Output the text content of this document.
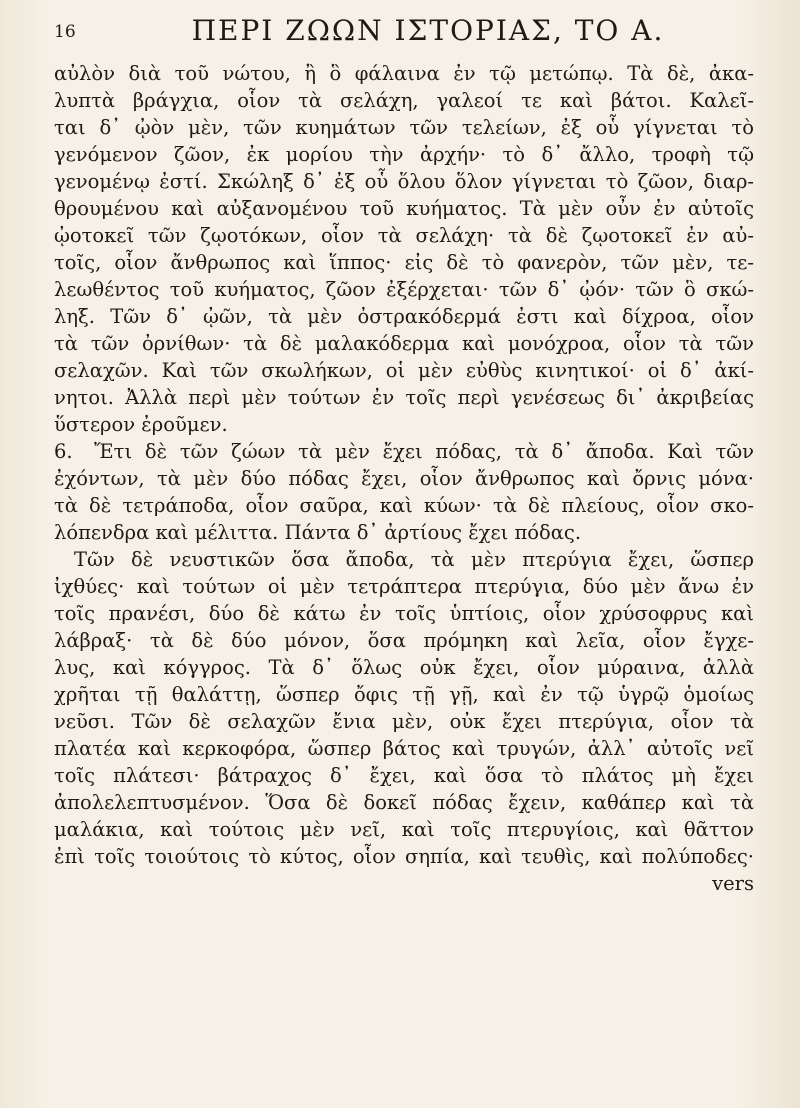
16	ΠΕΡΙ ΖΩΩΝ ΙΣΤΟΡΙΑΣ, ΤΟ Α.
αὐλὸν διὰ τοῦ νώτου, ἢ ὃ φάλαινα ἐν τῷ μετώπῳ. Τὰ δὲ, ἀκα-
λυπτὰ βράγχια, οἷον τὰ σελάχη, γαλεοί τε καὶ βάτοι. Καλεῖ-
ται δ᾽ ᾠὸν μὲν, τῶν κυημάτων τῶν τελείων, ἐξ οὗ γίγνεται τὸ
γενόμενον ζῶον, ἐκ μορίου τὴν ἀρχήν· τὸ δ᾽ ἄλλο, τροφὴ τῷ
γενομένῳ ἐστί. Σκώληξ δ᾽ ἐξ οὗ ὅλου ὅλον γίγνεται τὸ ζῶον, διαρ-
θρουμένου καὶ αὐξανομένου τοῦ κυήματος. Τὰ μὲν οὖν ἐν αὑτοῖς
ᾠοτοκεῖ τῶν ζῳοτόκων, οἷον τὰ σελάχη· τὰ δὲ ζῳοτοκεῖ ἐν αὐ-
τοῖς, οἷον ἄνθρωπος καὶ ἵππος· εἰς δὲ τὸ φανερὸν, τῶν μὲν, τε-
λεωθέντος τοῦ κυήματος, ζῶον ἐξέρχεται· τῶν δ᾽ ᾠόν· τῶν ὃ σκώ-
ληξ. Τῶν δ᾽ ᾠῶν, τὰ μὲν ὀστρακόδερμά ἐστι καὶ δίχροα, οἷον
τὰ τῶν ὀρνίθων· τὰ δὲ μαλακόδερμα καὶ μονόχροα, οἷον τὰ τῶν
σελαχῶν. Καὶ τῶν σκωλήκων, οἱ μὲν εὐθὺς κινητικοί· οἱ δ᾽ ἀκί-
νητοι. Ἀλλὰ περὶ μὲν τούτων ἐν τοῖς περὶ γενέσεως δι᾽ ἀκριβείας
ὕστερον ἐροῦμεν.
6. Ἔτι δὲ τῶν ζώων τὰ μὲν ἔχει πόδας, τὰ δ᾽ ἄποδα. Καὶ τῶν
ἐχόντων, τὰ μὲν δύο πόδας ἔχει, οἷον ἄνθρωπος καὶ ὄρνις μόνα·
τὰ δὲ τετράποδα, οἷον σαῦρα, καὶ κύων· τὰ δὲ πλείους, οἷον σκο-
λόπενδρα καὶ μέλιττα. Πάντα δ᾽ ἀρτίους ἔχει πόδας.
Τῶν δὲ νευστικῶν ὅσα ἄποδα, τὰ μὲν πτερύγια ἔχει, ὥσπερ
ἰχθύες· καὶ τούτων οἱ μὲν τετράπτερα πτερύγια, δύο μὲν ἄνω ἐν
τοῖς πρανέσι, δύο δὲ κάτω ἐν τοῖς ὑπτίοις, οἷον χρύσοφρυς καὶ
λάβραξ· τὰ δὲ δύο μόνον, ὅσα πρόμηκη καὶ λεῖα, οἷον ἔγχε-
λυς, καὶ κόγγρος. Τὰ δ᾽ ὅλως οὐκ ἔχει, οἷον μύραινα, ἀλλὰ
χρῆται τῇ θαλάττῃ, ὥσπερ ὄφις τῇ γῇ, καὶ ἐν τῷ ὑγρῷ ὁμοίως
νεῦσι. Τῶν δὲ σελαχῶν ἔνια μὲν, οὐκ ἔχει πτερύγια, οἷον τὰ
πλατέα καὶ κερκοφόρα, ὥσπερ βάτος καὶ τρυγών, ἀλλ᾽ αὐτοῖς νεῖ
τοῖς πλάτεσι· βάτραχος δ᾽ ἔχει, καὶ ὅσα τὸ πλάτος μὴ ἔχει
ἀπολελεπτυσμένον. Ὅσα δὲ δοκεῖ πόδας ἔχειν, καθάπερ καὶ τὰ
μαλάκια, καὶ τούτοις μὲν νεῖ, καὶ τοῖς πτερυγίοις, καὶ θᾶττον
ἐπὶ τοῖς τοιούτοις τὸ κύτος, οἷον σηπία, καὶ τευθὶς, καὶ πολύποδες·
vers
